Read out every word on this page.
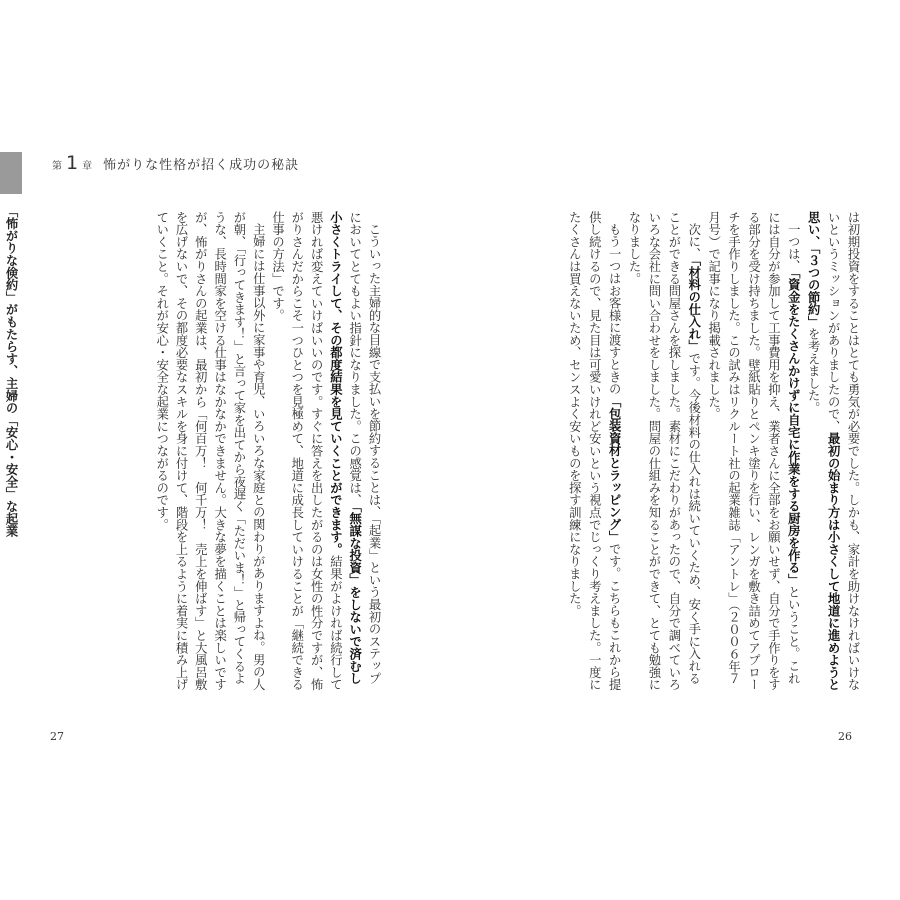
第 1 章 怖がりな性格が招く成功の秘訣
「怖がりな倹約」がもたらす、主婦の「安心・安全」な起業	は初期投資をすることはとても勇気が必要でした。しかも、家計を助けなければいけな
いというミッションがありましたので、最初の始まり方は小さくして地道に進めようと
思い、「３つの節約」を考えました。
一つは、「資金をたくさんかけずに自宅に作業をする厨房を作る」ということ。これ
には自分が参加して工事費用を抑え、業者さんに全部をお願いせず、自分で手作りをす
る部分を受け持ちました。壁紙貼りとペンキ塗りを行い、レンガを敷き詰めてアプロー
チを手作りしました。この試みはリクルート社の起業雑誌「アントレ」（２００６年７
月号）で記事になり掲載されました。
次に、「材料の仕入れ」です。今後材料の仕入れは続いていくため、安く手に入れる
ことができる問屋さんを探しました。素材にこだわりがあったので、自分で調べていろ
いろな会社に問い合わせをしました。問屋の仕組みを知ることができて、とても勉強に
なりました。
もう一つはお客様に渡すときの「包装資材とラッピング」です。こちらもこれから提
供し続けるので、見た目は可愛いけれど安いという視点でじっくり考えました。一度に
たくさんは買えないため、センスよく安いものを探す訓練になりました。
こういった主婦的な目線で支払いを節約することは、「起業」という最初のステップ
においてとてもよい指針になりました。この感覚は、「無謀な投資」をしないで済むし
小さくトライして、その都度結果を見ていくことができます。結果がよければ続行して
悪ければ変えていけばいいのです。すぐに答えを出したがるのは女性の性分ですが、怖
がりさんだからこそ一つひとつを見極めて、地道に成長していけることが「継続できる
仕事の方法」です。
主婦には仕事以外に家事や育児、いろいろな家庭との関わりがありますよね。男の人
が朝、「行ってきます！」と言って家を出てから夜遅く「ただいま！」と帰ってくるよ
うな、長時間家を空ける仕事はなかなかできません。大きな夢を描くことは楽しいです
が、怖がりさんの起業は、最初から「何百万！　何千万！　売上を伸ばす」と大風呂敷
を広げないで、その都度必要なスキルを身に付けて、階段を上るように着実に積み上げ
ていくこと。それが安心・安全な起業につながるのです。
27	26
